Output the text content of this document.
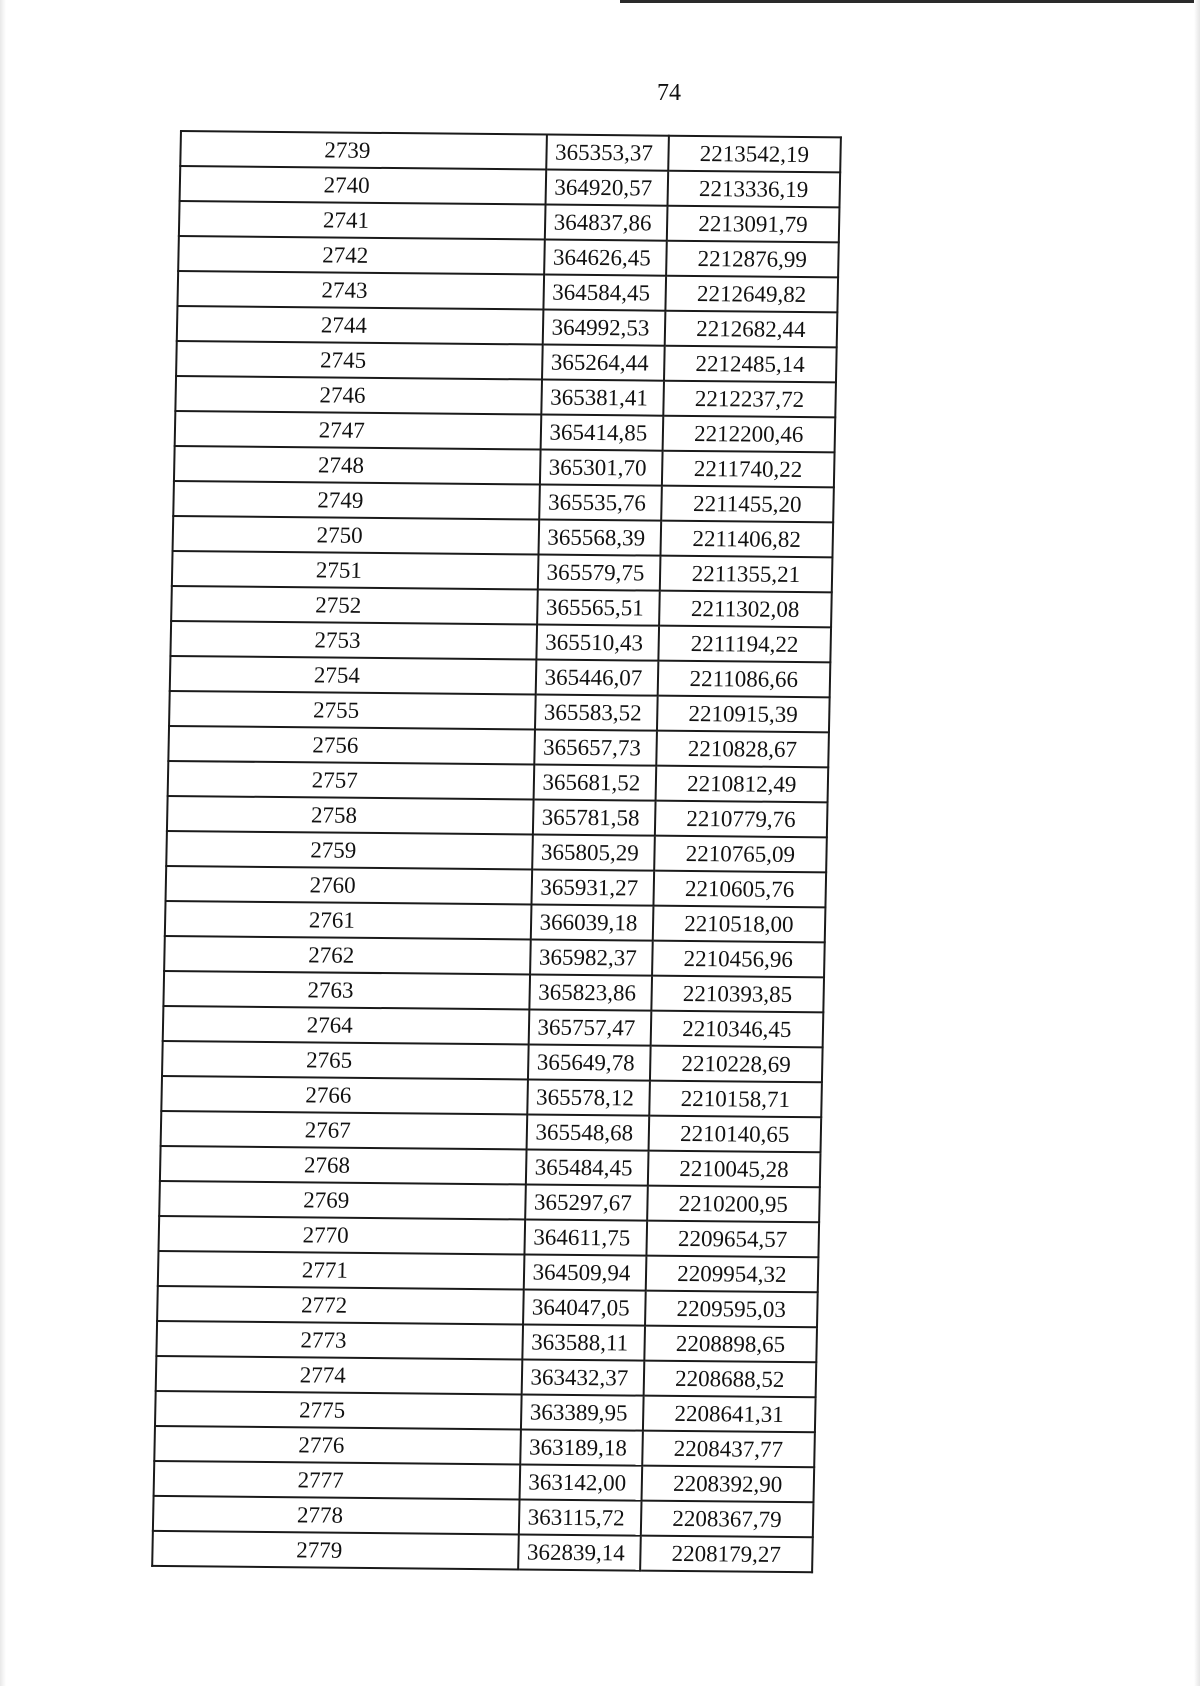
74
2739	365353,37	2213542,19
2740	364920,57	2213336,19
2741	364837,86	2213091,79
2742	364626,45	2212876,99
2743	364584,45	2212649,82
2744	364992,53	2212682,44
2745	365264,44	2212485,14
2746	365381,41	2212237,72
2747	365414,85	2212200,46
2748	365301,70	2211740,22
2749	365535,76	2211455,20
2750	365568,39	2211406,82
2751	365579,75	2211355,21
2752	365565,51	2211302,08
2753	365510,43	2211194,22
2754	365446,07	2211086,66
2755	365583,52	2210915,39
2756	365657,73	2210828,67
2757	365681,52	2210812,49
2758	365781,58	2210779,76
2759	365805,29	2210765,09
2760	365931,27	2210605,76
2761	366039,18	2210518,00
2762	365982,37	2210456,96
2763	365823,86	2210393,85
2764	365757,47	2210346,45
2765	365649,78	2210228,69
2766	365578,12	2210158,71
2767	365548,68	2210140,65
2768	365484,45	2210045,28
2769	365297,67	2210200,95
2770	364611,75	2209654,57
2771	364509,94	2209954,32
2772	364047,05	2209595,03
2773	363588,11	2208898,65
2774	363432,37	2208688,52
2775	363389,95	2208641,31
2776	363189,18	2208437,77
2777	363142,00	2208392,90
2778	363115,72	2208367,79
2779	362839,14	2208179,27
